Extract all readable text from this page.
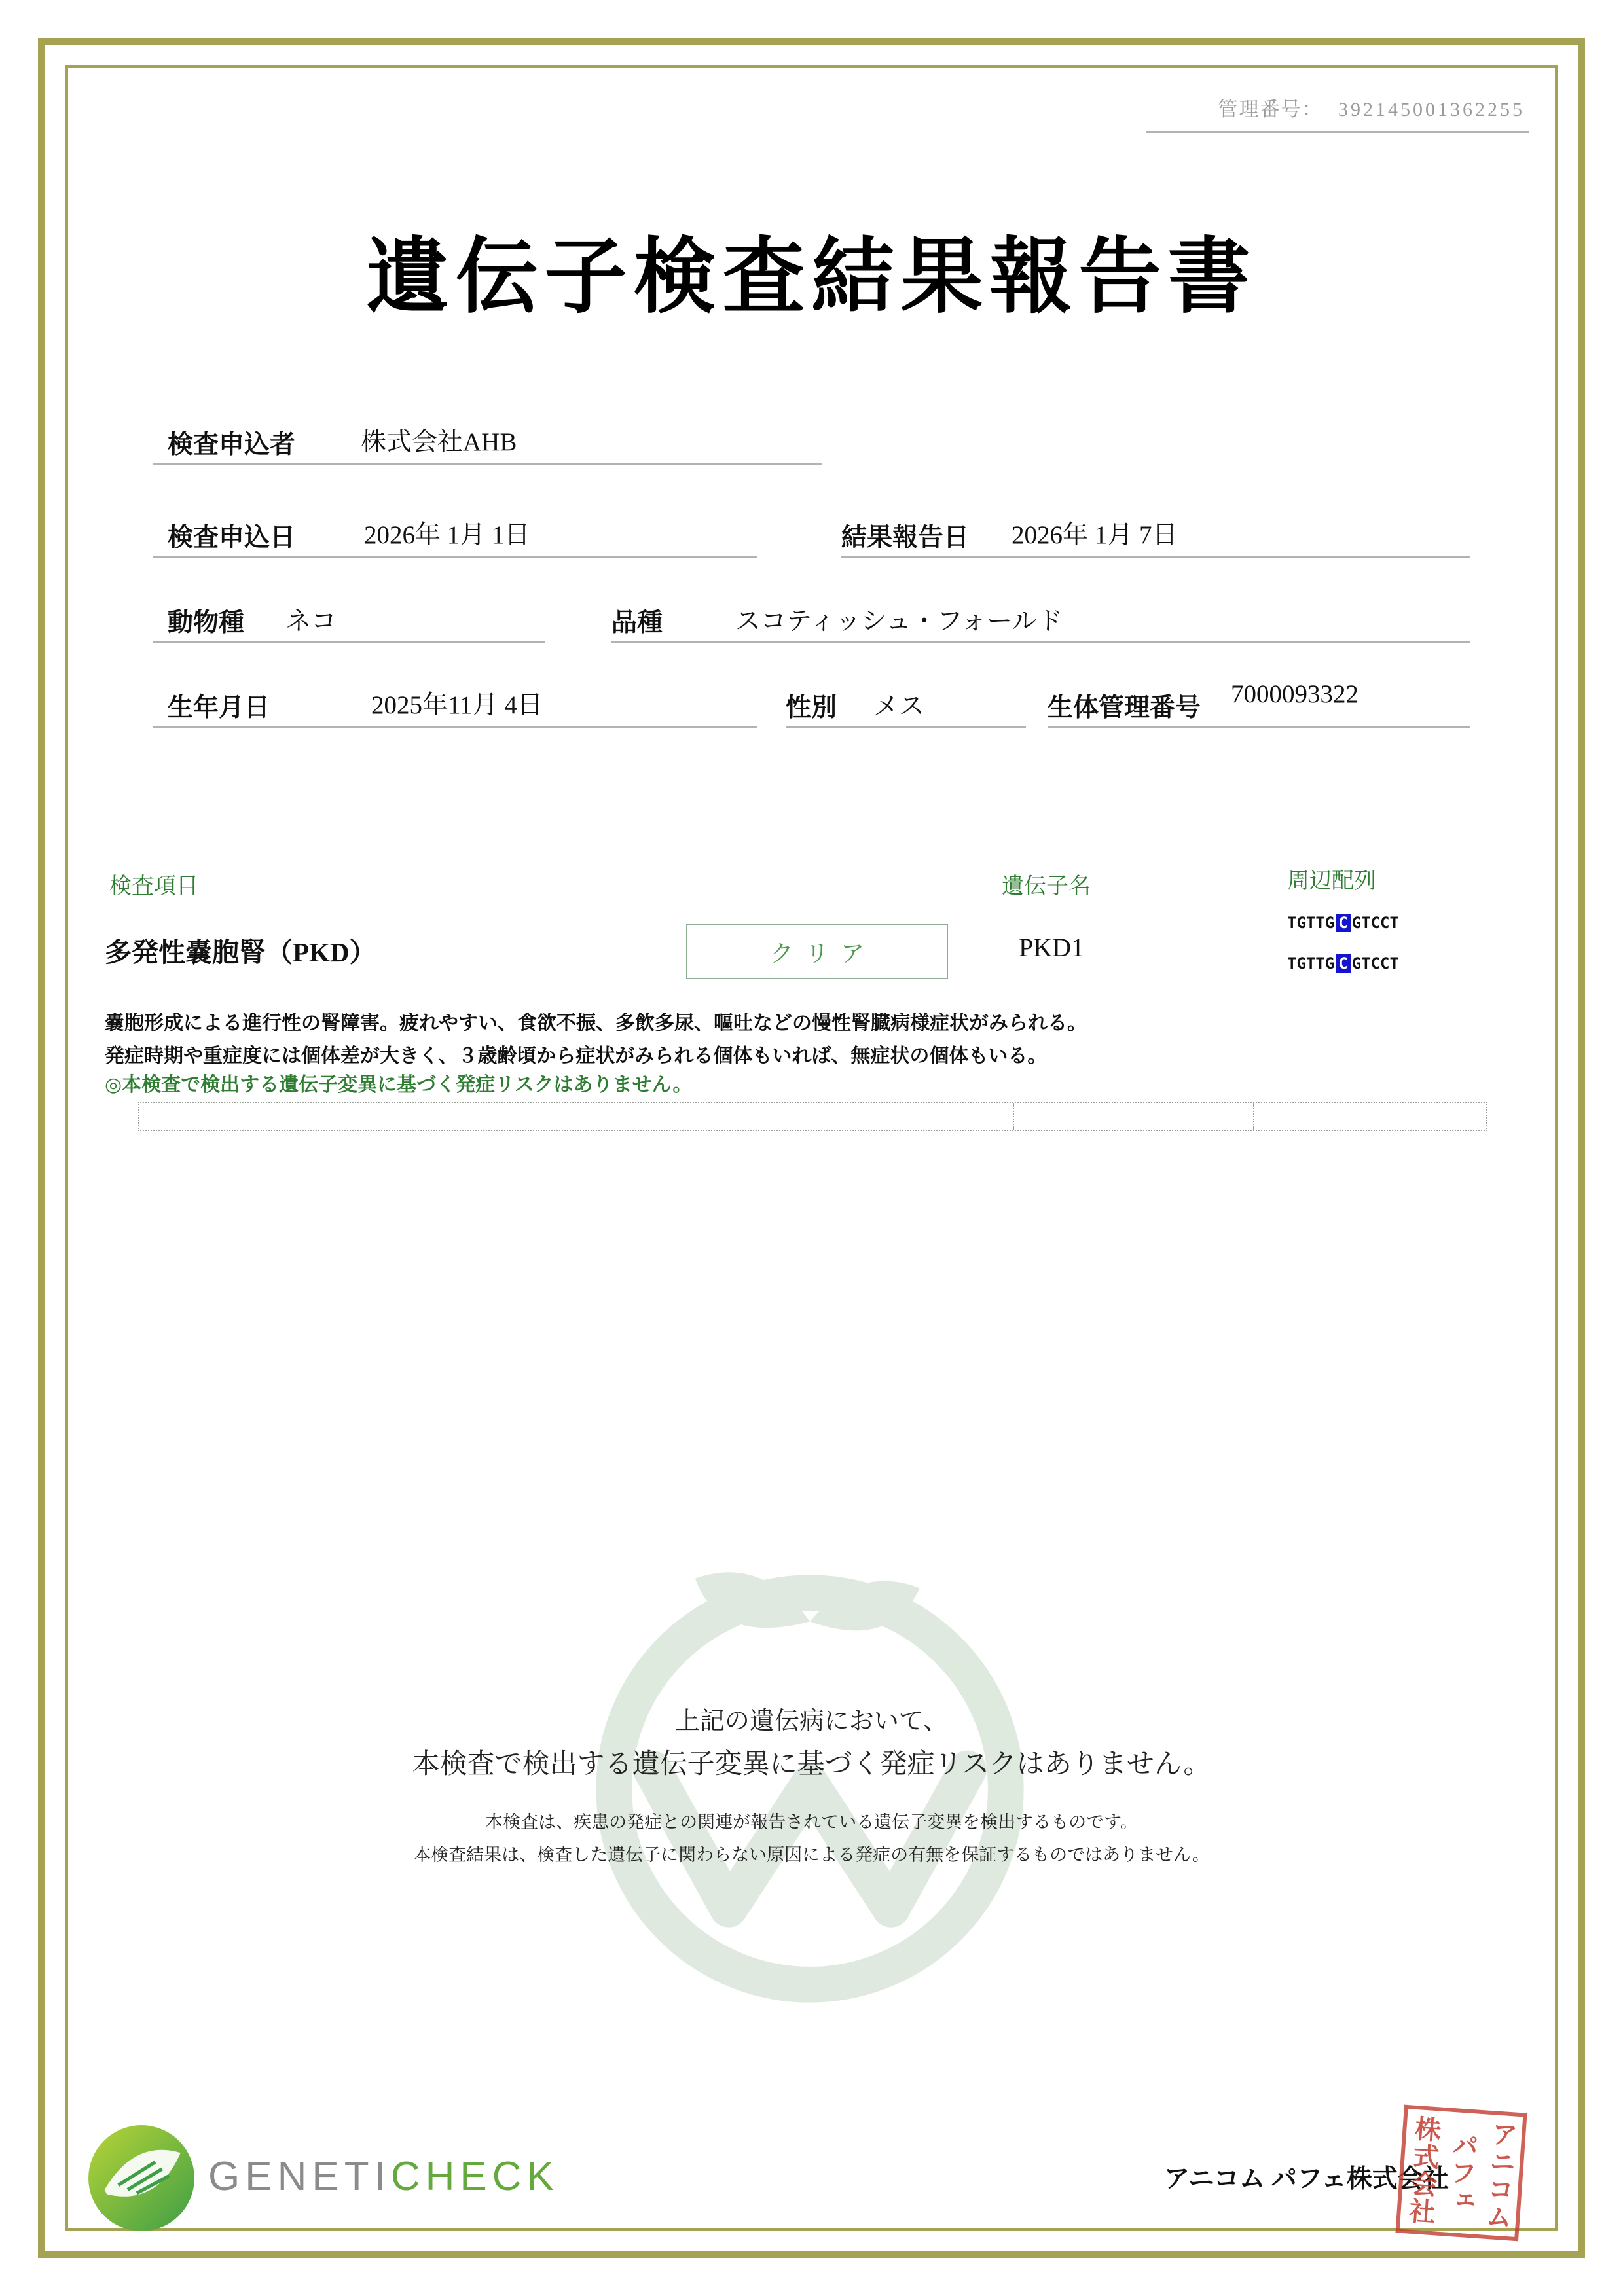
管理番号： 392145001362255
遺伝子検査結果報告書
検査申込者	株式会社AHB
検査申込日	2026年 1月 1日	結果報告日 2026年 1月 7日
動物種 ネコ	品種	スコティッシュ・フォールド
生年月日	2025年11月 4日	性別 メス	生体管理番号 7000093322
検査項目	遺伝子名	周辺配列
多発性嚢胞腎（PKD）	クリア	PKD1
TGTTG C GTCCT
TGTTG C GTCCT
嚢胞形成による進行性の腎障害。疲れやすい、食欲不振、多飲多尿、嘔吐などの慢性腎臓病様症状がみられる。
発症時期や重症度には個体差が大きく、３歳齢頃から症状がみられる個体もいれば、無症状の個体もいる。
◎本検査で検出する遺伝子変異に基づく発症リスクはありません。
上記の遺伝病において、
本検査で検出する遺伝子変異に基づく発症リスクはありません。
本検査は、疾患の発症との関連が報告されている遺伝子変異を検出するものです。
本検査結果は、検査した遺伝子に関わらない原因による発症の有無を保証するものではありません。
GENETICHECK	アニコム パフェ株式会社 アニコム
パフェ
株式会社
